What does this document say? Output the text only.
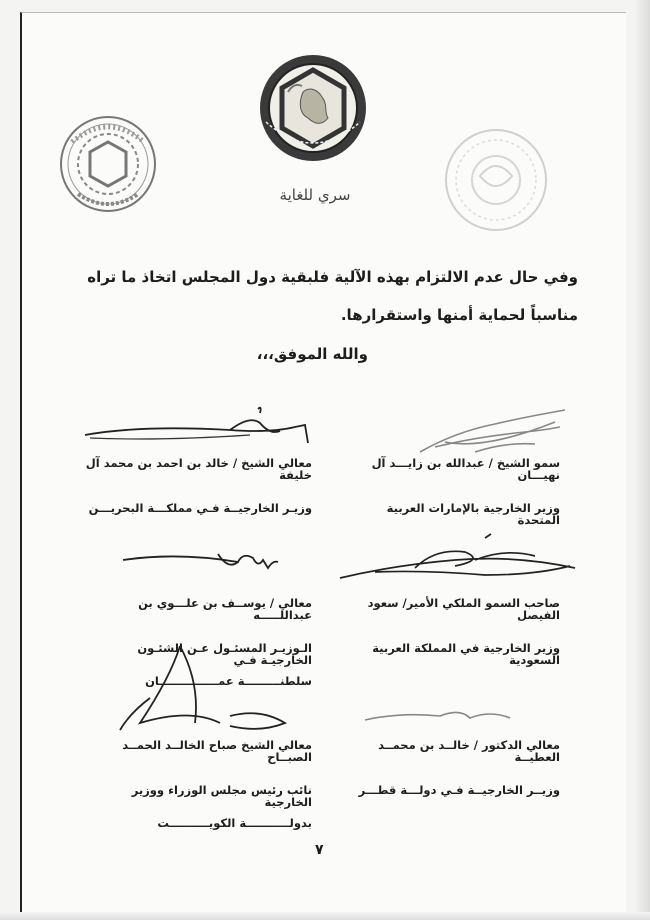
سري للغاية
وفي حال عدم الالتزام بهذه الآلية فلبقية دول المجلس اتخاذ ما تراه
مناسباً لحماية أمنها واستقرارها.
والله الموفق،،،
سمو الشيخ / عبدالله بن زايـــد آل نهيـــان
وزير الخارجية بالإمارات العربية المتحدة
معالي الشيخ / خالد بن احمد بن محمد آل خليفة
وزيـر الخارجيــة فـي مملكـــة البحريـــن
صاحب السمو الملكي الأمير/ سعود الفيصل
وزير الخارجية في المملكة العربية السعودية
معالي / يوســف بن علـــوي بن عبداللـــــه
الـوزيـر المسئـول عـن الشئـون الخارجيـة فـي
سلطنـــــــــة عمـــــــــــــــان
معالي الدكتور / خالــد بن محمــد العطيــة
وزيــر الخارجيــة فـي دولـــة قطـــر
معالي الشيخ صباح الخالــد الحمــد الصبــاح
نائب رئيس مجلس الوزراء ووزير الخارجية
بدولـــــــــــة الكويــــــــــت
٧
